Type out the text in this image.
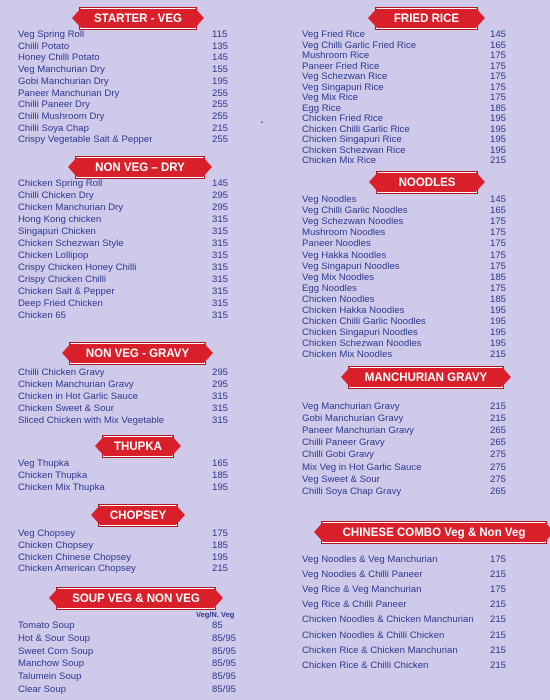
STARTER - VEG
Veg Spring Roll	115
Chilli Potato	135
Honey Chilli Potato	145
Veg Manchurian Dry	155
Gobi Manchurian Dry	195
Paneer Manchurian Dry	255
Chilli Paneer Dry	255
Chilli Mushroom Dry	255
Chilli Soya Chap	215
Crispy Vegetable Salt & Pepper	255
NON VEG – DRY
Chicken Spring Roll	145
Chilli Chicken Dry	295
Chicken Manchurian Dry	295
Hong Kong chicken	315
Singapuri Chicken	315
Chicken Schezwan Style	315
Chicken Lollipop	315
Crispy Chicken Honey Chilli	315
Crispy Chicken Chilli	315
Chicken Salt & Pepper	315
Deep Fried Chicken	315
Chicken 65	315
NON VEG - GRAVY
Chilli Chicken Gravy	295
Chicken Manchurian Gravy	295
Chicken in Hot Garlic Sauce	315
Chicken Sweet & Sour	315
Sliced Chicken with Mix Vegetable	315
THUPKA
Veg Thupka	165
Chicken Thupka	185
Chicken Mix Thupka	195
CHOPSEY
Veg Chopsey	175
Chicken Chopsey	185
Chicken Chinese Chopsey	195
Chicken American Chopsey	215
SOUP VEG & NON VEG
Veg/N. Veg
Tomato Soup	85
Hot & Sour Soup	85/95
Sweet Corn Soup	85/95
Manchow Soup	85/95
Talumein Soup	85/95
Clear Soup	85/95
FRIED RICE
Veg Fried Rice	145
Veg Chilli Garlic Fried Rice	165
Mushroom Rice	175
Paneer Fried Rice	175
Veg Schezwan Rice	175
Veg Singapuri Rice	175
Veg Mix Rice	175
Egg Rice	185
Chicken Fried Rice	195
Chicken Chilli Garlic Rice	195
Chicken Singapuri Rice	195
Chicken Schezwan Rice	195
Chicken Mix Rice	215
NOODLES
Veg Noodles	145
Veg Chilli Garlic Noodles	165
Veg Schezwan Noodles	175
Mushroom Noodles	175
Paneer Noodles	175
Veg Hakka Noodles	175
Veg Singapuri Noodles	175
Veg Mix Noodles	185
Egg Noodles	175
Chicken Noodles	185
Chicken Hakka Noodles	195
Chicken Chilli Garlic Noodles	195
Chicken Singapuri Noodles	195
Chicken Schezwan Noodles	195
Chicken Mix Noodles	215
MANCHURIAN GRAVY
Veg Manchurian Gravy	215
Gobi Manchurian Gravy	215
Paneer Manchurian Gravy	265
Chilli Paneer Gravy	265
Chilli Gobi Gravy	275
Mix Veg in Hot Garlic Sauce	275
Veg Sweet & Sour	275
Chilli Soya Chap Gravy	265
CHINESE COMBO Veg & Non Veg
Veg Noodles & Veg Manchurian	175
Veg Noodles & Chilli Paneer	215
Veg Rice & Veg Manchurian	175
Veg Rice & Chilli Paneer	215
Chicken Noodles & Chicken Manchurian 215
Chicken Noodles & Chilli Chicken	215
Chicken Rice & Chicken Manchurian	215
Chicken Rice & Chilli Chicken	215
